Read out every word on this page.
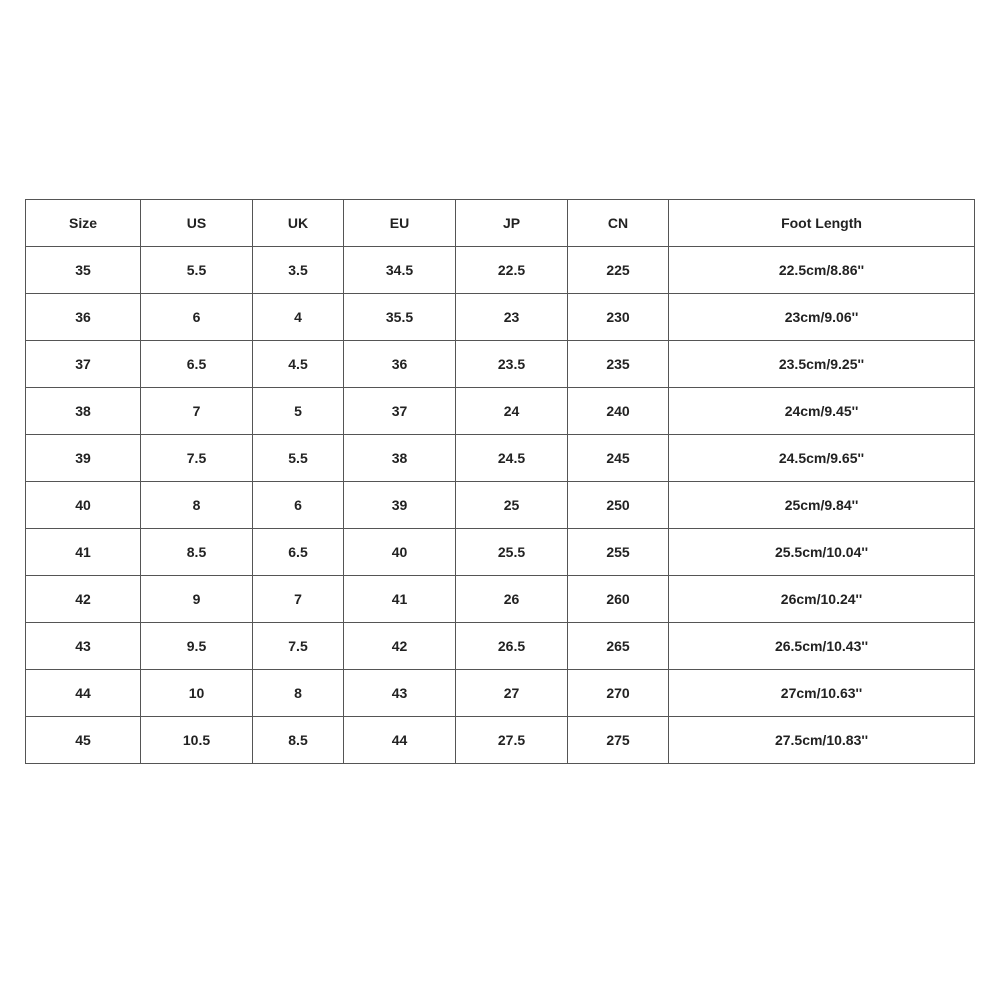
Size	US	UK	EU	JP	CN	Foot Length
35	5.5	3.5	34.5	22.5	225	22.5cm/8.86''
36	6	4	35.5	23	230	23cm/9.06''
37	6.5	4.5	36	23.5	235	23.5cm/9.25''
38	7	5	37	24	240	24cm/9.45''
39	7.5	5.5	38	24.5	245	24.5cm/9.65''
40	8	6	39	25	250	25cm/9.84''
41	8.5	6.5	40	25.5	255	25.5cm/10.04''
42	9	7	41	26	260	26cm/10.24''
43	9.5	7.5	42	26.5	265	26.5cm/10.43''
44	10	8	43	27	270	27cm/10.63''
45	10.5	8.5	44	27.5	275	27.5cm/10.83''
